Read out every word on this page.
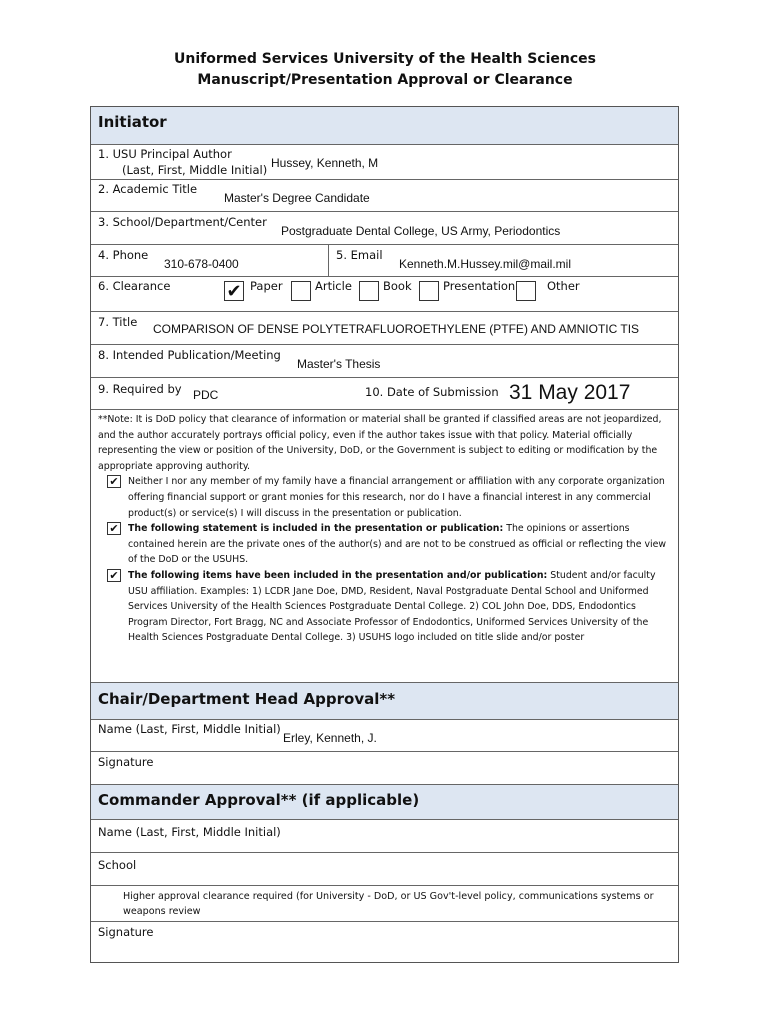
Uniformed Services University of the Health Sciences
Manuscript/Presentation Approval or Clearance
Initiator
1. USU Principal Author
(Last, First, Middle Initial) Hussey, Kenneth, M
2. Academic Title
Master's Degree Candidate
3. School/Department/Center
Postgraduate Dental College, US Army, Periodontics
4. Phone
310-678-0400
5. Email
Kenneth.M.Hussey.mil@mail.mil
6. Clearance	✔ Paper	Article	Book	Presentation	Other
7. Title COMPARISON OF DENSE POLYTETRAFLUOROETHYLENE (PTFE) AND AMNIOTIC TIS
8. Intended Publication/Meeting
Master's Thesis
9. Required by PDC	10. Date of Submission 31 May 2017

**Note: It is DoD policy that clearance of information or material shall be granted if classified areas are not jeopardized, and the author accurately portrays official policy, even if the author takes issue with that policy. Material officially representing the view or position of the University, DoD, or the Government is subject to editing or modification by the appropriate approving authority.

✔ Neither I nor any member of my family have a financial arrangement or affiliation with any corporate organization offering financial support or grant monies for this research, nor do I have a financial interest in any commercial product(s) or service(s) I will discuss in the presentation or publication.

✔ The following statement is included in the presentation or publication: The opinions or assertions contained herein are the private ones of the author(s) and are not to be construed as official or reflecting the view of the DoD or the USUHS.

✔ The following items have been included in the presentation and/or publication: Student and/or faculty USU affiliation. Examples: 1) LCDR Jane Doe, DMD, Resident, Naval Postgraduate Dental School and Uniformed Services University of the Health Sciences Postgraduate Dental College. 2) COL John Doe, DDS, Endodontics Program Director, Fort Bragg, NC and Associate Professor of Endodontics, Uniformed Services University of the Health Sciences Postgraduate Dental College. 3) USUHS logo included on title slide and/or poster

Chair/Department Head Approval**
Name (Last, First, Middle Initial)
Erley, Kenneth, J.
Signature
Commander Approval** (if applicable)
Name (Last, First, Middle Initial)
School
Higher approval clearance required (for University - DoD, or US Gov't-level policy, communications systems or weapons review
Signature
